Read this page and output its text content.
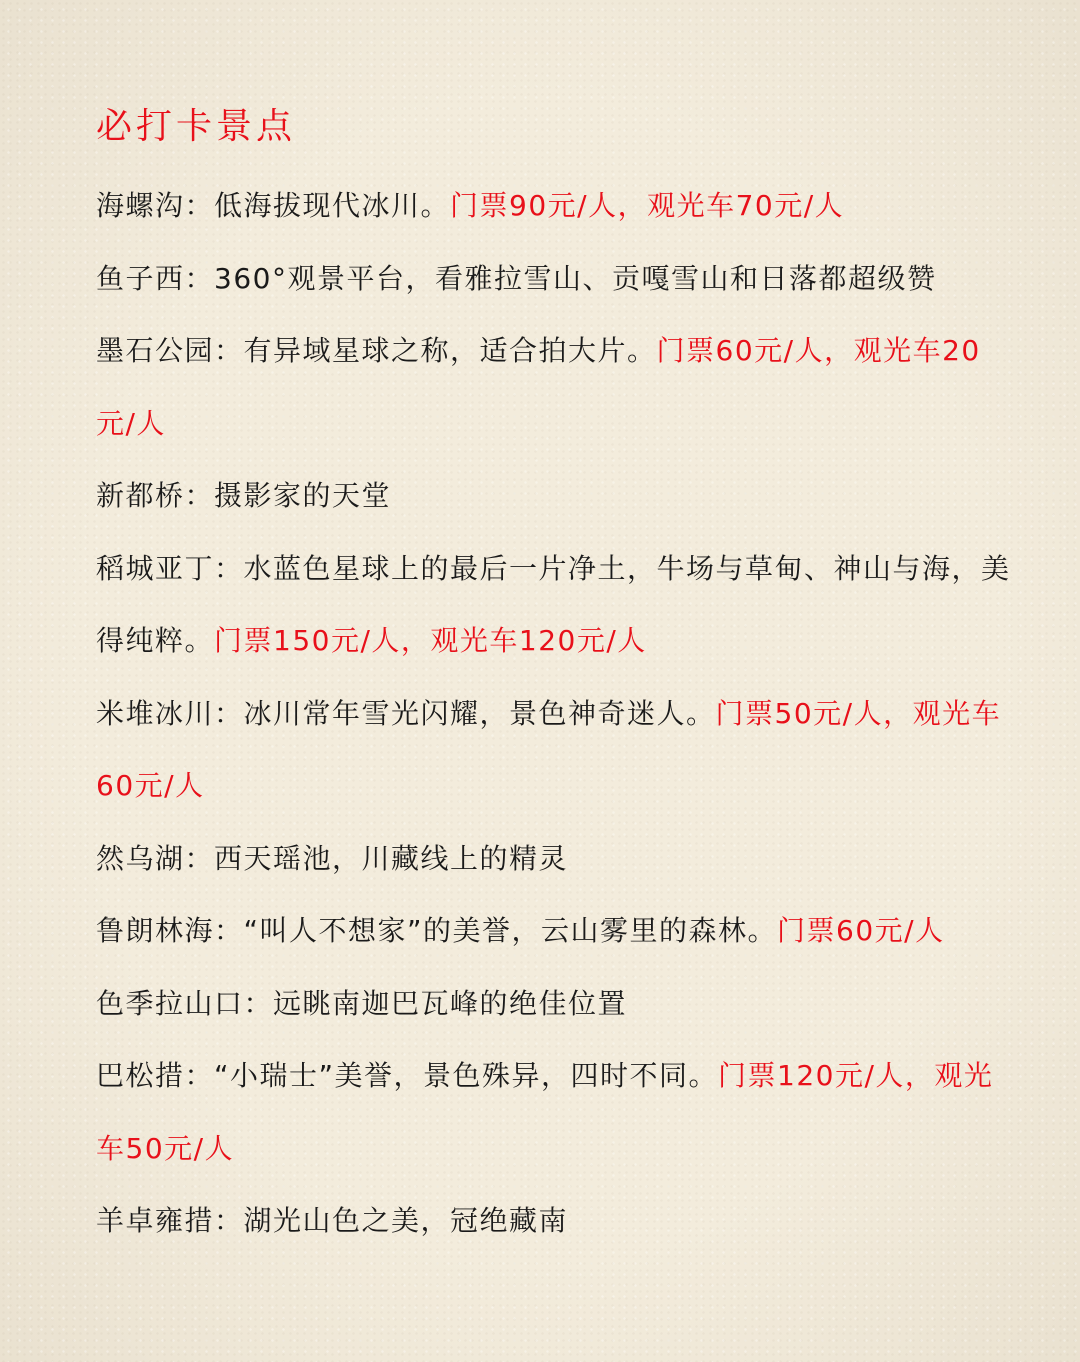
必打卡景点
海螺沟：低海拔现代冰川。门票90元/人，观光车70元/人
鱼子西：360°观景平台，看雅拉雪山、贡嘎雪山和日落都超级赞
墨石公园：有异域星球之称，适合拍大片。门票60元/人，观光车20元/人
新都桥：摄影家的天堂
稻城亚丁：水蓝色星球上的最后一片净土，牛场与草甸、神山与海，美得纯粹。门票150元/人，观光车120元/人
米堆冰川：冰川常年雪光闪耀，景色神奇迷人。门票50元/人，观光车60元/人
然乌湖：西天瑶池，川藏线上的精灵
鲁朗林海：“叫人不想家”的美誉，云山雾里的森林。门票60元/人
色季拉山口：远眺南迦巴瓦峰的绝佳位置
巴松措：“小瑞士”美誉，景色殊异，四时不同。门票120元/人，观光车50元/人
羊卓雍措：湖光山色之美，冠绝藏南
